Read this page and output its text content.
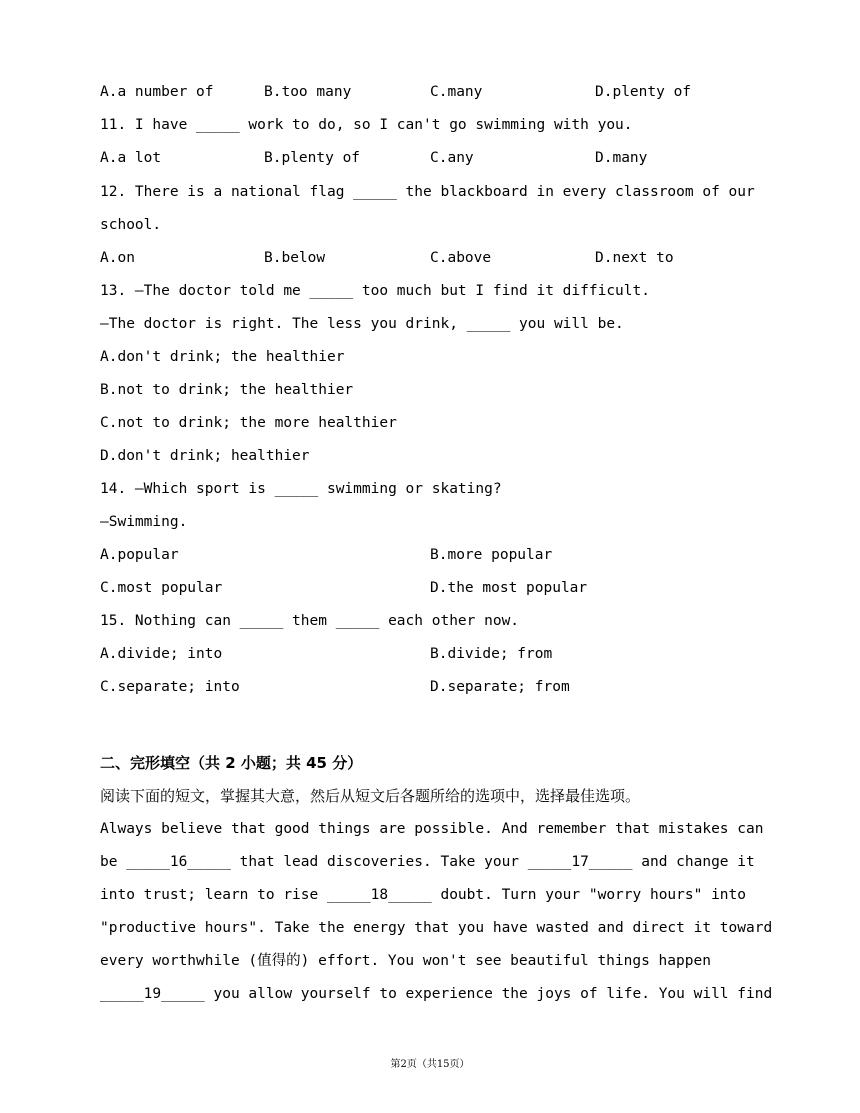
A.a number of	B.too many	C.many	D.plenty of
11. I have _____ work to do, so I can't go swimming with you.
A.a lot	B.plenty of	C.any	D.many
12. There is a national flag _____ the blackboard in every classroom of our
school.
A.on	B.below	C.above	D.next to
13. —The doctor told me _____ too much but I find it difficult.
—The doctor is right. The less you drink, _____ you will be.
A.don't drink; the healthier
B.not to drink; the healthier
C.not to drink; the more healthier
D.don't drink; healthier
14. —Which sport is _____ swimming or skating?
—Swimming.
A.popular	B.more popular
C.most popular	D.the most popular
15. Nothing can _____ them _____ each other now.
A.divide; into	B.divide; from
C.separate; into	D.separate; from
二、完形填空（共 2 小题；共 45 分）
阅读下面的短文，掌握其大意，然后从短文后各题所给的选项中，选择最佳选项。
Always believe that good things are possible. And remember that mistakes can
be _____16_____ that lead discoveries. Take your _____17_____ and change it
into trust; learn to rise _____18_____ doubt. Turn your "worry hours" into
"productive hours". Take the energy that you have wasted and direct it toward
every worthwhile (值得的) effort. You won't see beautiful things happen
_____19_____ you allow yourself to experience the joys of life. You will find
第2页（共15页）
